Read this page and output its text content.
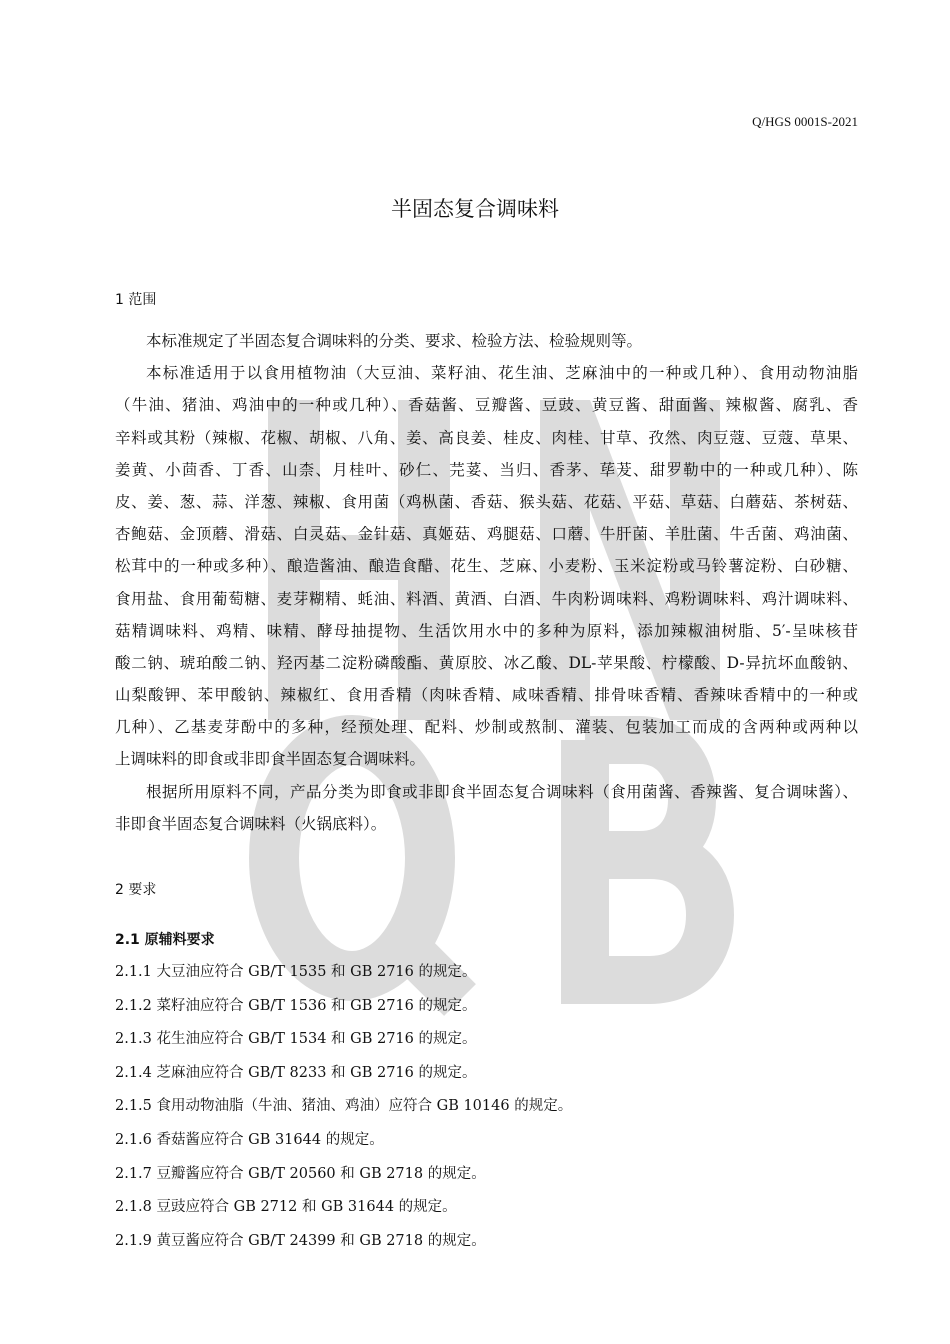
Q/HGS 0001S-2021
半固态复合调味料
1 范围
本标准规定了半固态复合调味料的分类、要求、检验方法、检验规则等。
本标准适用于以食用植物油（大豆油、菜籽油、花生油、芝麻油中的一种或几种）、食用动物油脂
（牛油、猪油、鸡油中的一种或几种）、香菇酱、豆瓣酱、豆豉、黄豆酱、甜面酱、辣椒酱、腐乳、香
辛料或其粉（辣椒、花椒、胡椒、八角、姜、高良姜、桂皮、肉桂、甘草、孜然、肉豆蔻、豆蔻、草果、
姜黄、小茴香、丁香、山柰、月桂叶、砂仁、芫荽、当归、香茅、荜茇、甜罗勒中的一种或几种）、陈
皮、姜、葱、蒜、洋葱、辣椒、食用菌（鸡枞菌、香菇、猴头菇、花菇、平菇、草菇、白蘑菇、茶树菇、
杏鲍菇、金顶蘑、滑菇、白灵菇、金针菇、真姬菇、鸡腿菇、口蘑、牛肝菌、羊肚菌、牛舌菌、鸡油菌、
松茸中的一种或多种）、酿造酱油、酿造食醋、花生、芝麻、小麦粉、玉米淀粉或马铃薯淀粉、白砂糖、
食用盐、食用葡萄糖、麦芽糊精、蚝油、料酒、黄酒、白酒、牛肉粉调味料、鸡粉调味料、鸡汁调味料、
菇精调味料、鸡精、味精、酵母抽提物、生活饮用水中的多种为原料，添加辣椒油树脂、5′-呈味核苷
酸二钠、琥珀酸二钠、羟丙基二淀粉磷酸酯、黄原胶、冰乙酸、DL-苹果酸、柠檬酸、D-异抗坏血酸钠、
山梨酸钾、苯甲酸钠、辣椒红、食用香精（肉味香精、咸味香精、排骨味香精、香辣味香精中的一种或
几种）、乙基麦芽酚中的多种，经预处理、配料、炒制或熬制、灌装、包装加工而成的含两种或两种以
上调味料的即食或非即食半固态复合调味料。
根据所用原料不同，产品分类为即食或非即食半固态复合调味料（食用菌酱、香辣酱、复合调味酱）、
非即食半固态复合调味料（火锅底料）。
2 要求
2.1 原辅料要求
2.1.1 大豆油应符合 GB/T 1535 和 GB 2716 的规定。
2.1.2 菜籽油应符合 GB/T 1536 和 GB 2716 的规定。
2.1.3 花生油应符合 GB/T 1534 和 GB 2716 的规定。
2.1.4 芝麻油应符合 GB/T 8233 和 GB 2716 的规定。
2.1.5 食用动物油脂（牛油、猪油、鸡油）应符合 GB 10146 的规定。
2.1.6 香菇酱应符合 GB 31644 的规定。
2.1.7 豆瓣酱应符合 GB/T 20560 和 GB 2718 的规定。
2.1.8 豆豉应符合 GB 2712 和 GB 31644 的规定。
2.1.9 黄豆酱应符合 GB/T 24399 和 GB 2718 的规定。
